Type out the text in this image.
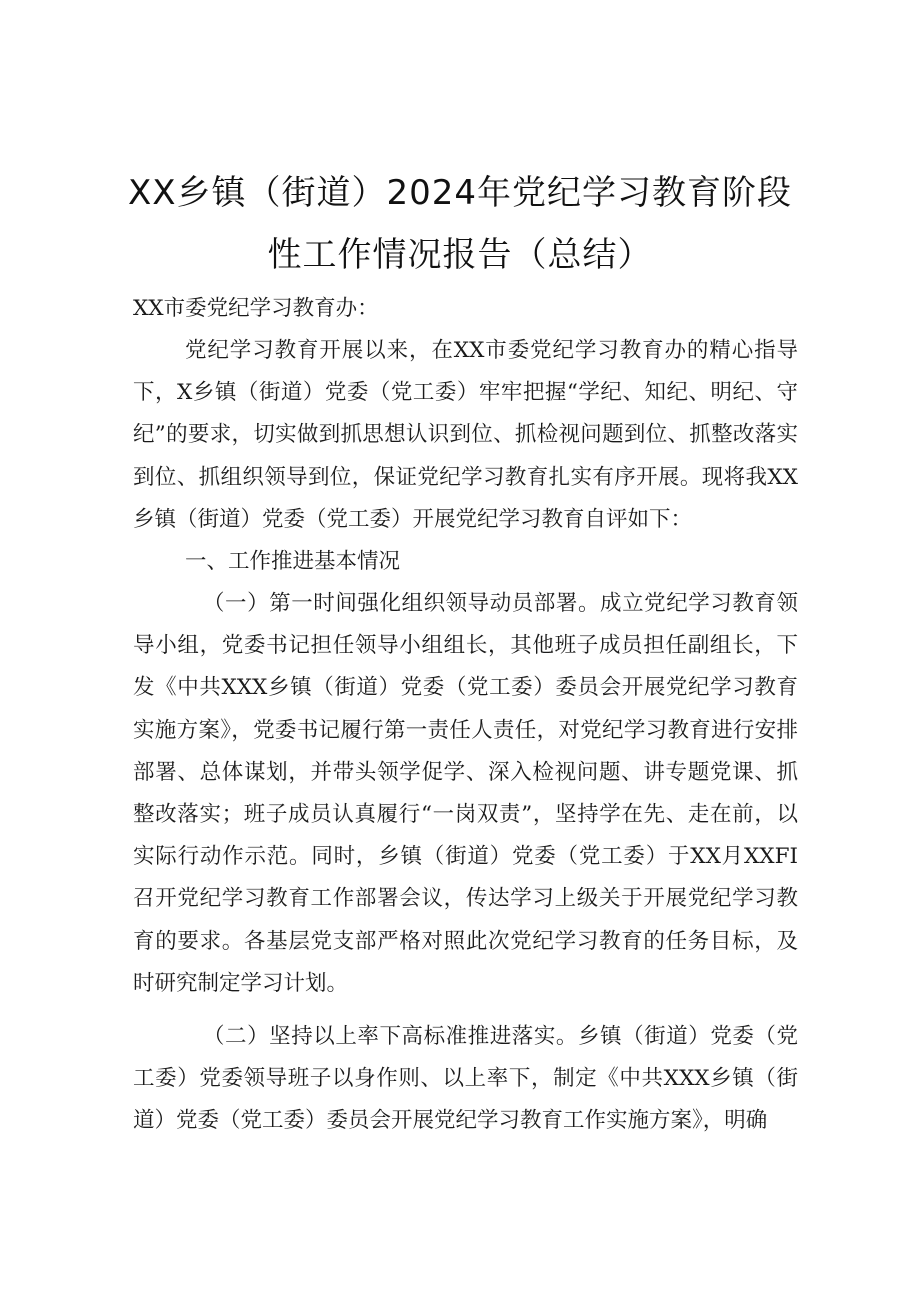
XX乡镇（街道）2024年党纪学习教育阶段
性工作情况报告（总结）
XX市委党纪学习教育办：
党纪学习教育开展以来，在XX市委党纪学习教育办的精心指导下，X乡镇（街道）党委（党工委）牢牢把握“学纪、知纪、明纪、守纪”的要求，切实做到抓思想认识到位、抓检视问题到位、抓整改落实到位、抓组织领导到位，保证党纪学习教育扎实有序开展。现将我XX乡镇（街道）党委（党工委）开展党纪学习教育自评如下：
一、工作推进基本情况
（一）第一时间强化组织领导动员部署。成立党纪学习教育领导小组，党委书记担任领导小组组长，其他班子成员担任副组长，下发《中共XXX乡镇（街道）党委（党工委）委员会开展党纪学习教育实施方案》，党委书记履行第一责任人责任，对党纪学习教育进行安排部署、总体谋划，并带头领学促学、深入检视问题、讲专题党课、抓整改落实；班子成员认真履行“一岗双责”，坚持学在先、走在前，以实际行动作示范。同时，乡镇（街道）党委（党工委）于XX月XXFI召开党纪学习教育工作部署会议，传达学习上级关于开展党纪学习教育的要求。各基层党支部严格对照此次党纪学习教育的任务目标，及时研究制定学习计划。
（二）坚持以上率下高标准推进落实。乡镇（街道）党委（党工委）党委领导班子以身作则、以上率下，制定《中共XXX乡镇（街道）党委（党工委）委员会开展党纪学习教育工作实施方案》，明确
